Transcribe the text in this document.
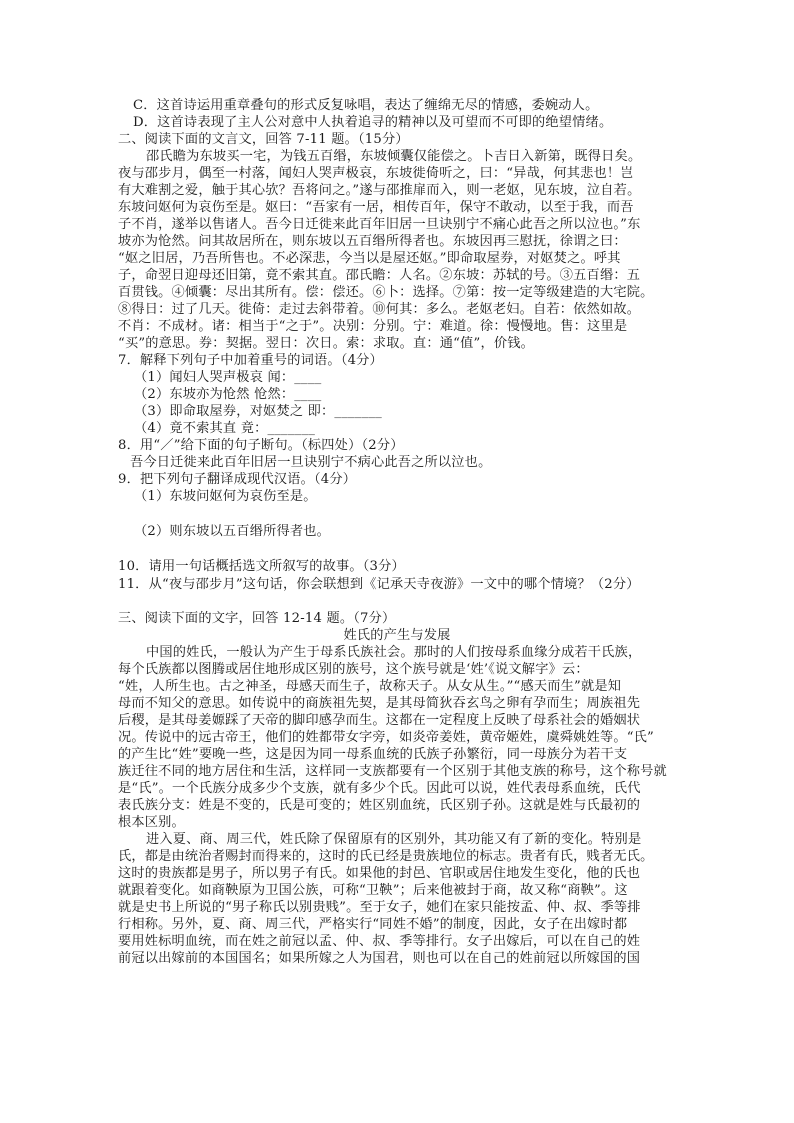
C．这首诗运用重章叠句的形式反复咏唱，表达了缠绵无尽的情感，委婉动人。
D．这首诗表现了主人公对意中人执着追寻的精神以及可望而不可即的绝望情绪。
二、阅读下面的文言文，回答 7-11 题。（15分）
邵氏瞻为东坡买一宅，为钱五百缗，东坡倾囊仅能偿之。卜吉日入新第，既得日矣。
夜与邵步月，偶至一村落，闻妇人哭声极哀，东坡徙倚听之，曰：“异哉，何其悲也！岂
有大难割之爱，触于其心欤？吾将问之。”遂与邵推扉而入，则一老妪，见东坡，泣自若。
东坡问妪何为哀伤至是。妪曰：“吾家有一居，相传百年，保守不敢动，以至于我，而吾
子不肖，遂举以售诸人。吾今日迁徙来此百年旧居一旦诀别宁不痛心此吾之所以泣也。”东
坡亦为怆然。问其故居所在，则东坡以五百缗所得者也。东坡因再三慰抚，徐谓之曰：
“妪之旧居，乃吾所售也。不必深悲，今当以是屋还妪。”即命取屋券，对妪焚之。呼其
子，命翌日迎母还旧第，竟不索其直。邵氏瞻：人名。②东坡：苏轼的号。③五百缗：五
百贯钱。④倾囊：尽出其所有。偿：偿还。⑥卜：选择。⑦第：按一定等级建造的大宅院。
⑧得日：过了几天。徙倚：走过去斜带着。⑩何其：多么。老妪老妇。自若：依然如故。
不肖：不成材。诸：相当于“之于”。决别：分别。宁：难道。徐：慢慢地。售：这里是
“买”的意思。券：契据。翌日：次日。索：求取。直：通“值”，价钱。
7．解释下列句子中加着重号的词语。（4分）
（1）闻妇人哭声极哀 闻：____
（2）东坡亦为怆然 怆然：____
（3）即命取屋券，对妪焚之 即：_______
（4）竟不索其直 竟：_______
8．用“／”给下面的句子断句。（标四处）（2分）
吾今日迁徙来此百年旧居一旦诀别宁不病心此吾之所以泣也。
9．把下列句子翻译成现代汉语。（4分）
（1）东坡问妪何为哀伤至是。
（2）则东坡以五百缗所得者也。
10．请用一句话概括选文所叙写的故事。（3分）
11．从“夜与邵步月”这句话，你会联想到《记承天寺夜游》一文中的哪个情境？（2分）
三、阅读下面的文字，回答 12-14 题。（7分）
姓氏的产生与发展
中国的姓氏，一般认为产生于母系氏族社会。那时的人们按母系血缘分成若干氏族，
每个氏族都以图腾或居住地形成区别的族号，这个族号就是‘姓’《说文解字》云：
“姓，人所生也。古之神圣，母感天而生子，故称天子。从女从生。”“感天而生”就是知
母而不知父的意思。如传说中的商族祖先契，是其母简狄吞玄鸟之卵有孕而生；周族祖先
后稷，是其母姜嫄踩了天帝的脚印感孕而生。这都在一定程度上反映了母系社会的婚姻状
况。传说中的远古帝王，他们的姓都带女字旁，如炎帝姜姓，黄帝姬姓，虞舜姚姓等。“氏”
的产生比“姓”要晚一些，这是因为同一母系血统的氏族子孙繁衍，同一母族分为若干支
族迁往不同的地方居住和生活，这样同一支族都要有一个区别于其他支族的称号，这个称号就
是“氏”。一个氏族分成多少个支族，就有多少个氏。因此可以说，姓代表母系血统，氏代
表氏族分支：姓是不变的，氏是可变的；姓区别血统，氏区别子孙。这就是姓与氏最初的
根本区别。
进入夏、商、周三代，姓氏除了保留原有的区别外，其功能又有了新的变化。特别是
氏，都是由统治者赐封而得来的，这时的氏已经是贵族地位的标志。贵者有氏，贱者无氏。
这时的贵族都是男子，所以男子有氏。如果他的封邑、官职或居住地发生变化，他的氏也
就跟着变化。如商鞅原为卫国公族，可称“卫鞅”；后来他被封于商，故又称“商鞅”。这
就是史书上所说的“男子称氏以别贵贱”。至于女子，她们在家只能按孟、仲、叔、季等排
行相称。另外，夏、商、周三代，严格实行“同姓不婚”的制度，因此，女子在出嫁时都
要用姓标明血统，而在姓之前冠以孟、仲、叔、季等排行。女子出嫁后，可以在自己的姓
前冠以出嫁前的本国国名；如果所嫁之人为国君，则也可以在自己的姓前冠以所嫁国的国
